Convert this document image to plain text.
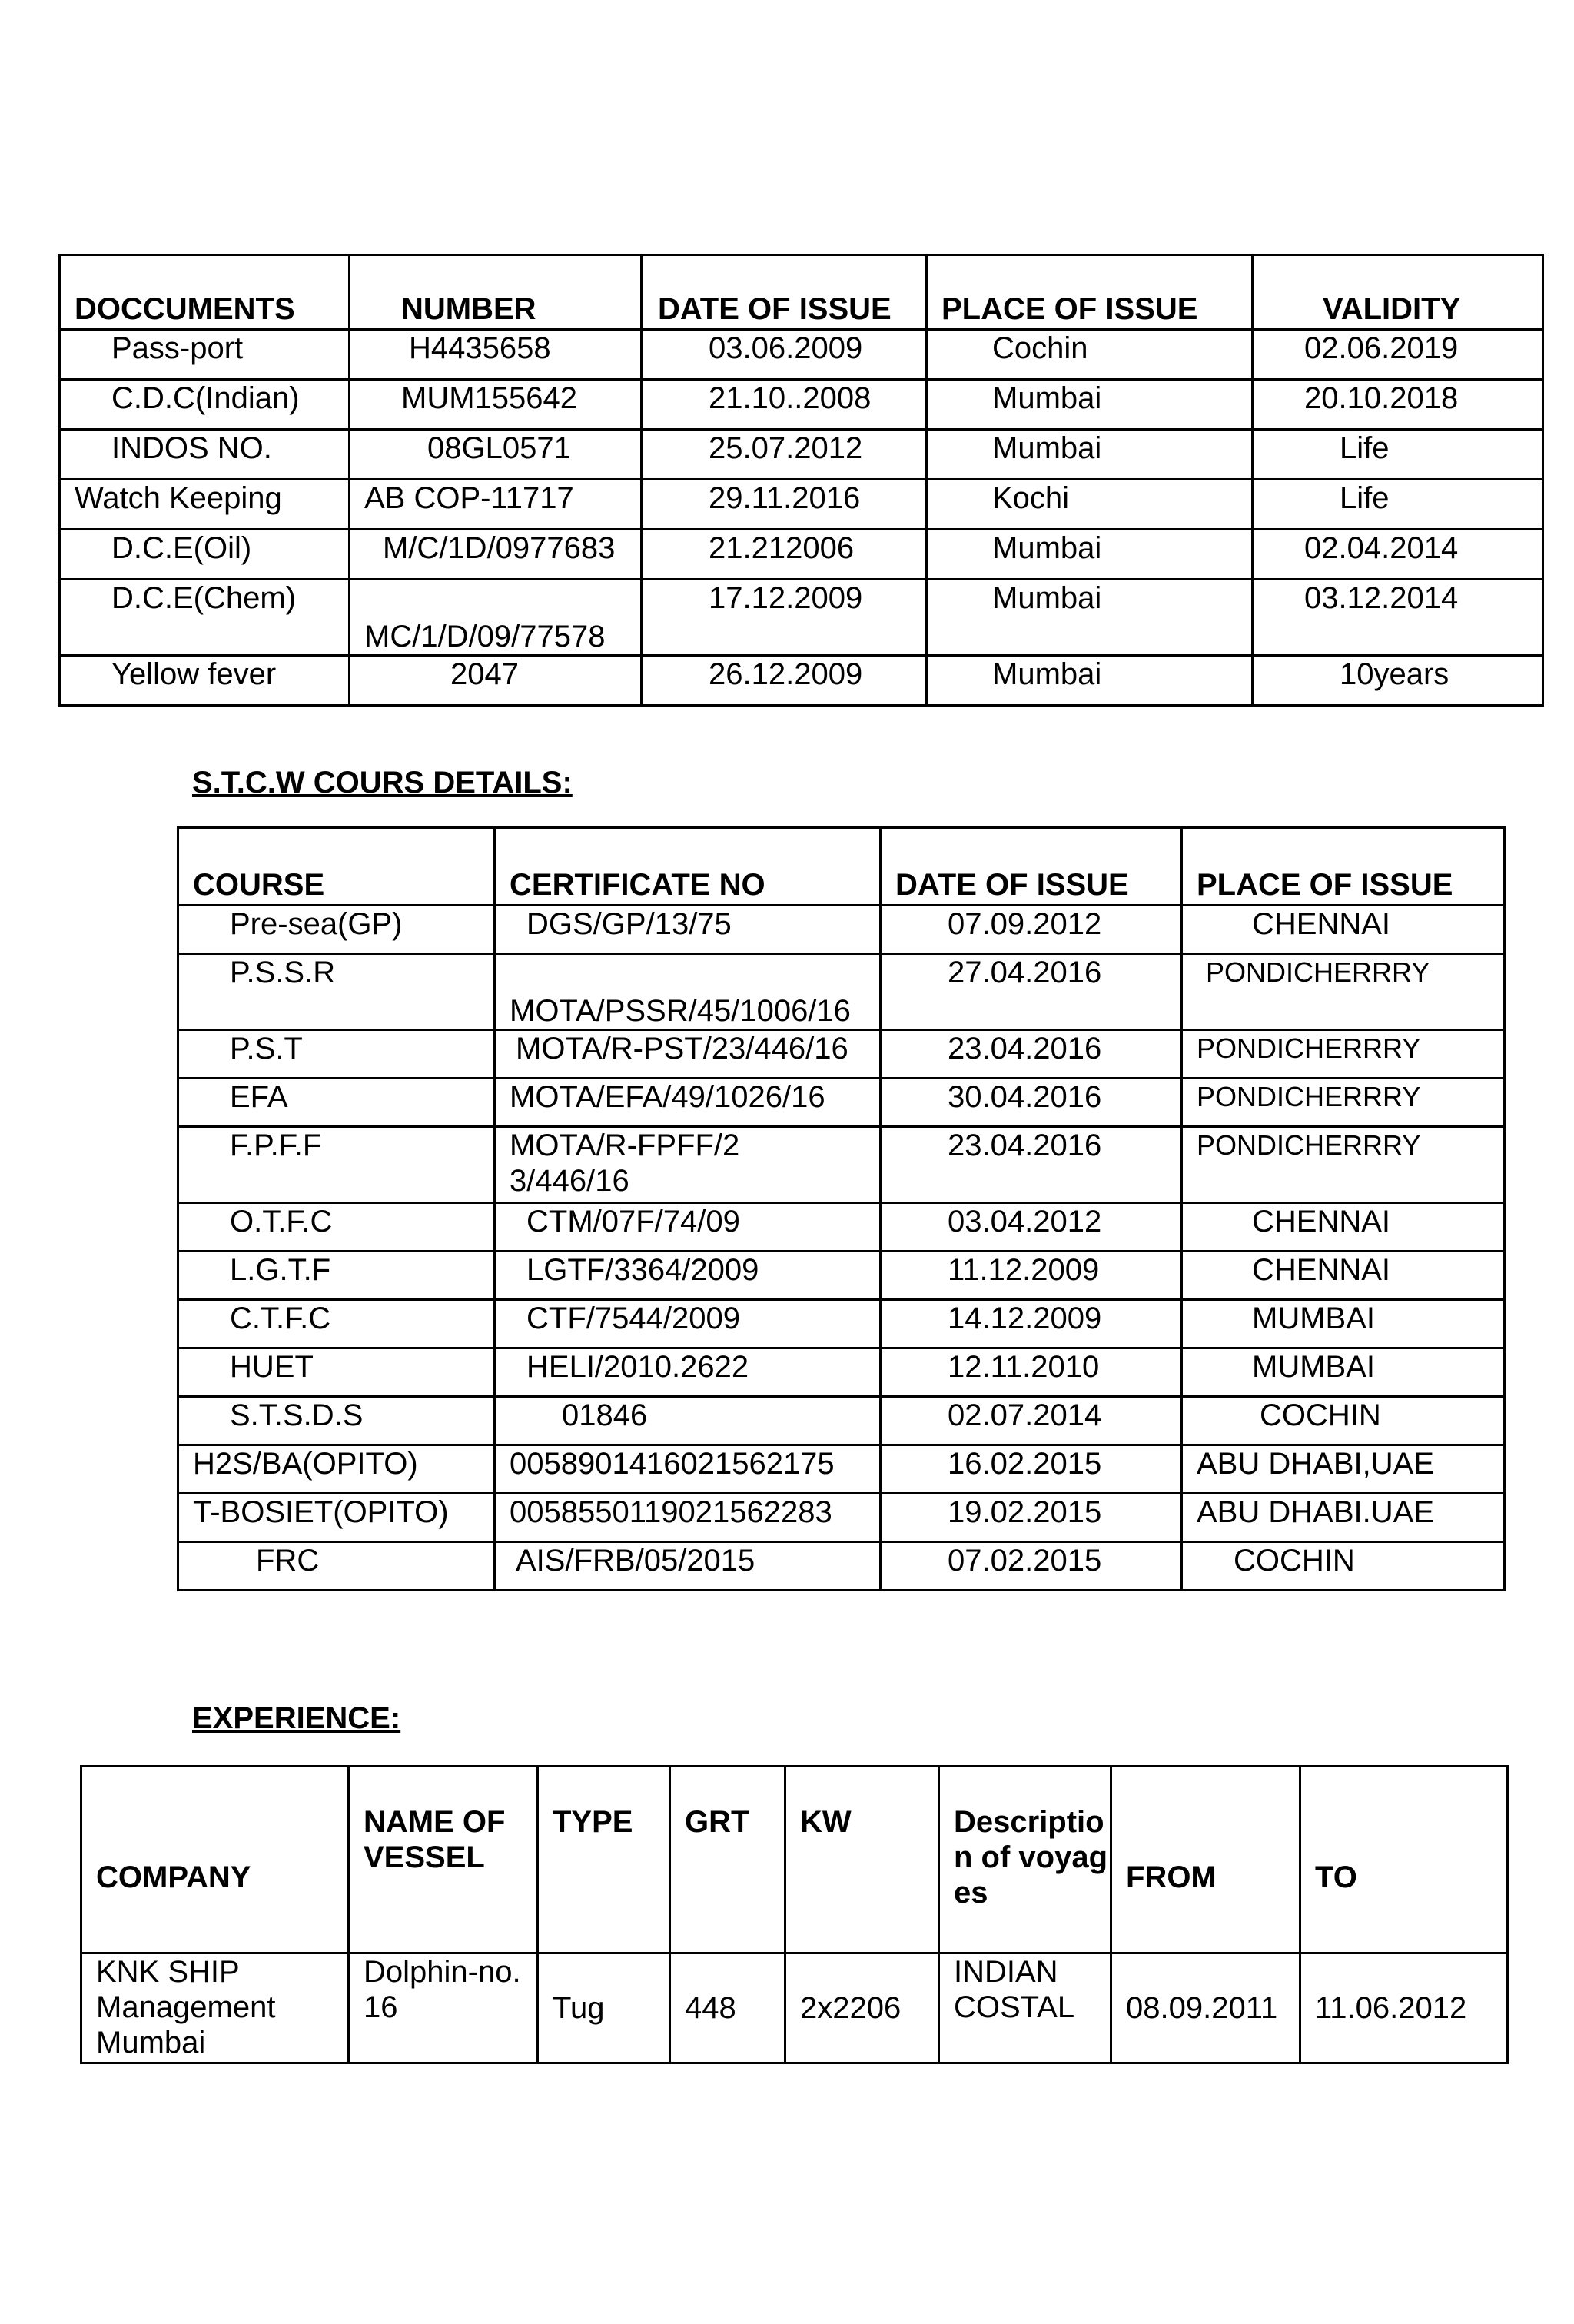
DOCCUMENTS	NUMBER	DATE OF ISSUE	PLACE OF ISSUE	VALIDITY
Pass-port	H4435658	03.06.2009	Cochin	02.06.2019
C.D.C(Indian)	MUM155642	21.10..2008	Mumbai	20.10.2018
INDOS NO.	08GL0571	25.07.2012	Mumbai	Life
Watch Keeping	AB COP-11717	29.11.2016	Kochi	Life
D.C.E(Oil)	M/C/1D/0977683	21.212006	Mumbai	02.04.2014
D.C.E(Chem)	MC/1/D/09/77578	17.12.2009	Mumbai	03.12.2014
Yellow fever	2047	26.12.2009	Mumbai	10years
S.T.C.W COURS DETAILS:
COURSE	CERTIFICATE NO	DATE OF ISSUE	PLACE OF ISSUE
Pre-sea(GP)	DGS/GP/13/75	07.09.2012	CHENNAI
P.S.S.R	MOTA/PSSR/45/1006/16	27.04.2016	PONDICHERRRY
P.S.T	MOTA/R-PST/23/446/16	23.04.2016	PONDICHERRRY
EFA	MOTA/EFA/49/1026/16	30.04.2016	PONDICHERRRY
F.P.F.F	MOTA/R-FPFF/23/446/16	23.04.2016	PONDICHERRRY
O.T.F.C	CTM/07F/74/09	03.04.2012	CHENNAI
L.G.T.F	LGTF/3364/2009	11.12.2009	CHENNAI
C.T.F.C	CTF/7544/2009	14.12.2009	MUMBAI
HUET	HELI/2010.2622	12.11.2010	MUMBAI
S.T.S.D.S	01846	02.07.2014	COCHIN
H2S/BA(OPITO)	0058901416021562175	16.02.2015	ABU DHABI,UAE
T-BOSIET(OPITO)	0058550119021562283	19.02.2015	ABU DHABI.UAE
FRC	AIS/FRB/05/2015	07.02.2015	COCHIN
EXPERIENCE:
COMPANY	NAME OF VESSEL	TYPE	GRT	KW	Description of voyages	FROM	TO
KNK SHIP Management Mumbai	Dolphin-no.16	Tug	448	2x2206	INDIAN COSTAL	08.09.2011	11.06.2012
